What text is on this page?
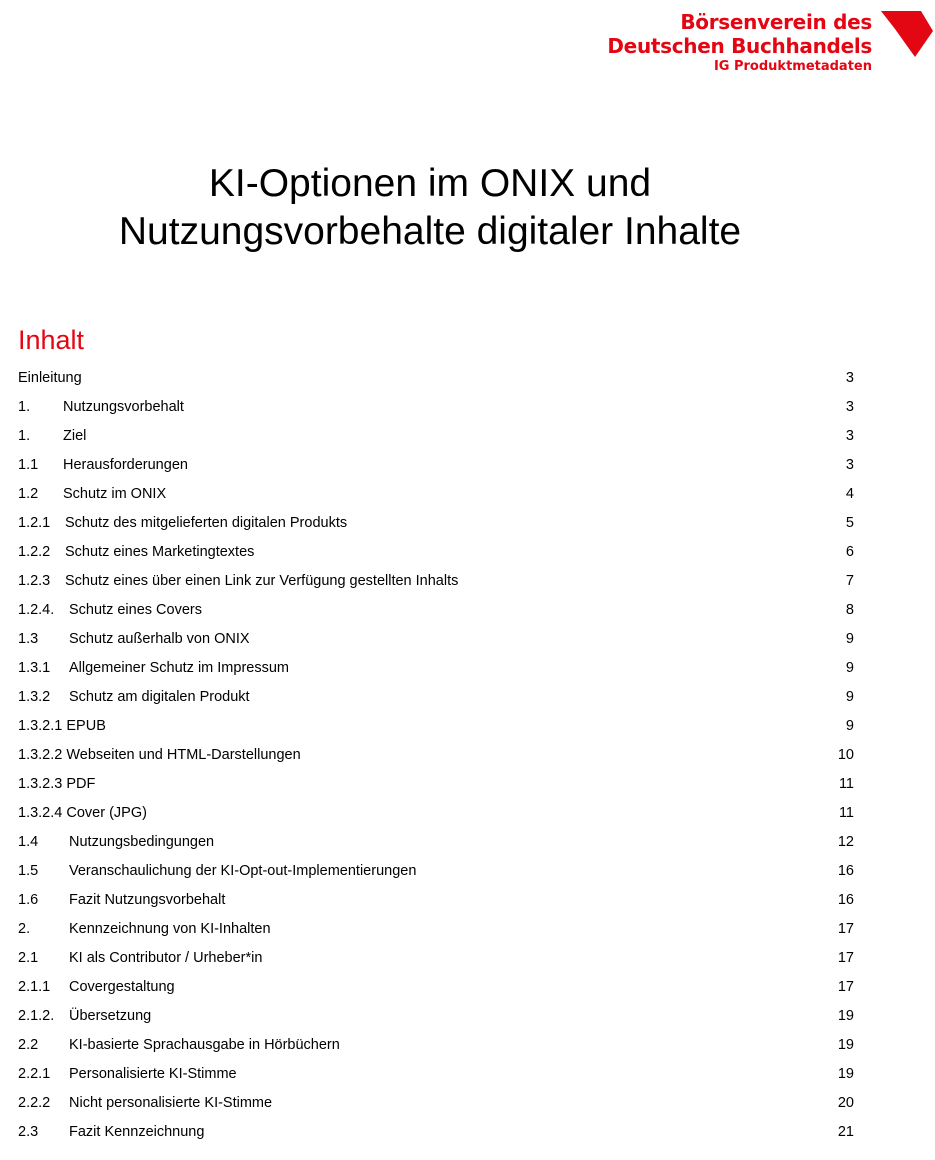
Börsenverein des
Deutschen Buchhandels
IG Produktmetadaten
KI-Optionen im ONIX und
Nutzungsvorbehalte digitaler Inhalte
Inhalt
Einleitung	3
1. Nutzungsvorbehalt	3
1. Ziel	3
1.1 Herausforderungen	3
1.2 Schutz im ONIX	4
1.2.1 Schutz des mitgelieferten digitalen Produkts	5
1.2.2 Schutz eines Marketingtextes	6
1.2.3 Schutz eines über einen Link zur Verfügung gestellten Inhalts	7
1.2.4. Schutz eines Covers	8
1.3 Schutz außerhalb von ONIX	9
1.3.1 Allgemeiner Schutz im Impressum	9
1.3.2 Schutz am digitalen Produkt	9
1.3.2.1 EPUB	9
1.3.2.2 Webseiten und HTML-Darstellungen	10
1.3.2.3 PDF	11
1.3.2.4 Cover (JPG)	11
1.4 Nutzungsbedingungen	12
1.5 Veranschaulichung der KI-Opt-out-Implementierungen	16
1.6 Fazit Nutzungsvorbehalt	16
2.	Kennzeichnung von KI-Inhalten	17
2.1 KI als Contributor / Urheber*in	17
2.1.1 Covergestaltung	17
2.1.2. Übersetzung	19
2.2 KI-basierte Sprachausgabe in Hörbüchern	19
2.2.1 Personalisierte KI-Stimme	19
2.2.2 Nicht personalisierte KI-Stimme	20
2.3 Fazit Kennzeichnung	21
